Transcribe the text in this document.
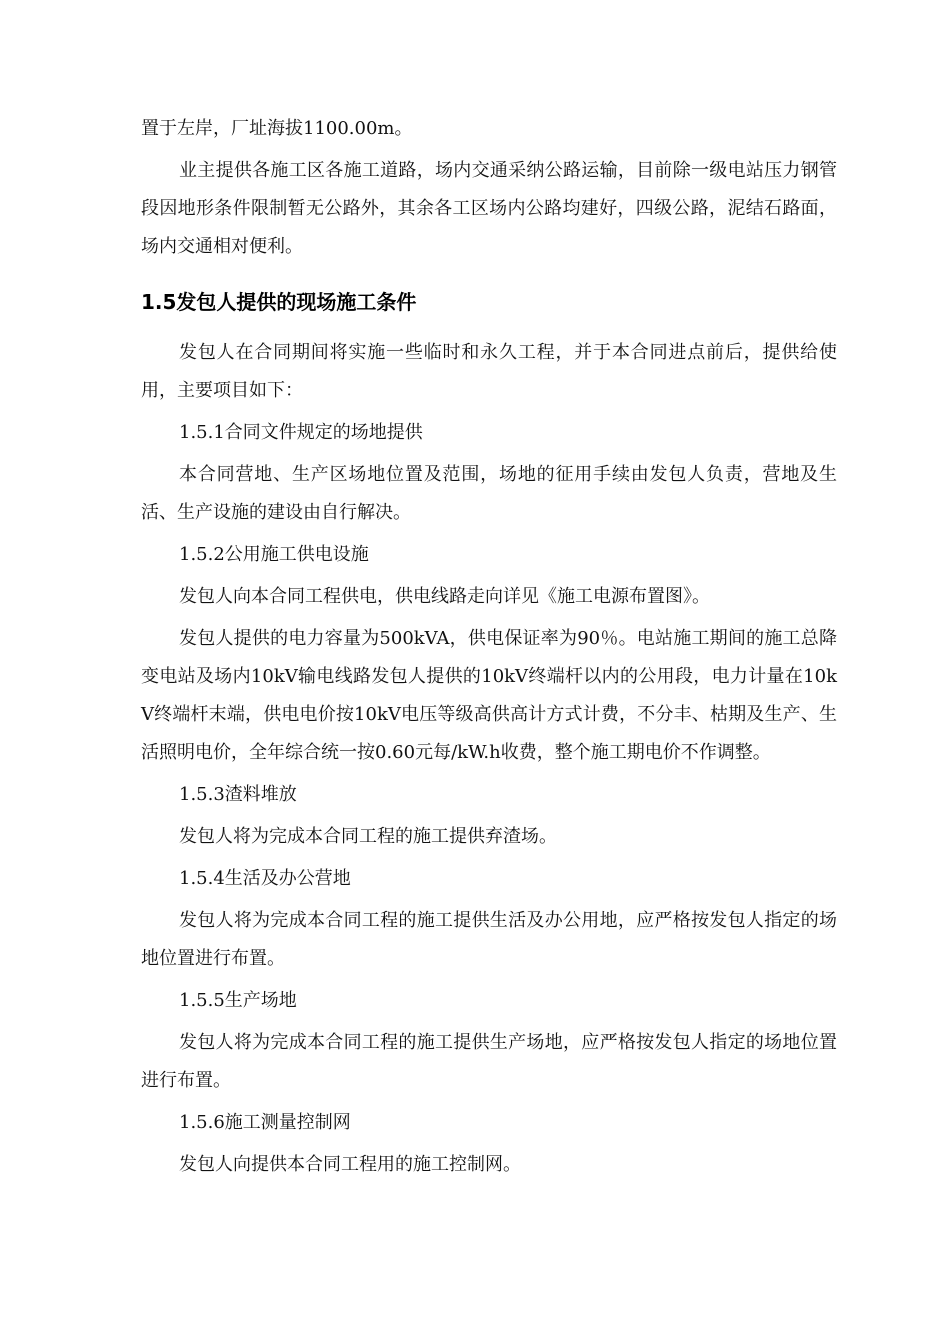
置于左岸，厂址海拔1100.00m。

业主提供各施工区各施工道路，场内交通采纳公路运输，目前除一级电站压力钢管段因地形条件限制暂无公路外，其余各工区场内公路均建好，四级公路，泥结石路面，场内交通相对便利。

1.5发包人提供的现场施工条件

发包人在合同期间将实施一些临时和永久工程，并于本合同进点前后，提供给使用，主要项目如下：

1.5.1合同文件规定的场地提供

本合同营地、生产区场地位置及范围，场地的征用手续由发包人负责，营地及生活、生产设施的建设由自行解决。

1.5.2公用施工供电设施

发包人向本合同工程供电，供电线路走向详见《施工电源布置图》。

发包人提供的电力容量为500kVA，供电保证率为90％。电站施工期间的施工总降变电站及场内10kV输电线路发包人提供的10kV终端杆以内的公用段，电力计量在10kV终端杆末端，供电电价按10kV电压等级高供高计方式计费，不分丰、枯期及生产、生活照明电价，全年综合统一按0.60元每/kW.h收费，整个施工期电价不作调整。

1.5.3渣料堆放

发包人将为完成本合同工程的施工提供弃渣场。

1.5.4生活及办公营地

发包人将为完成本合同工程的施工提供生活及办公用地，应严格按发包人指定的场地位置进行布置。

1.5.5生产场地

发包人将为完成本合同工程的施工提供生产场地，应严格按发包人指定的场地位置进行布置。

1.5.6施工测量控制网

发包人向提供本合同工程用的施工控制网。
